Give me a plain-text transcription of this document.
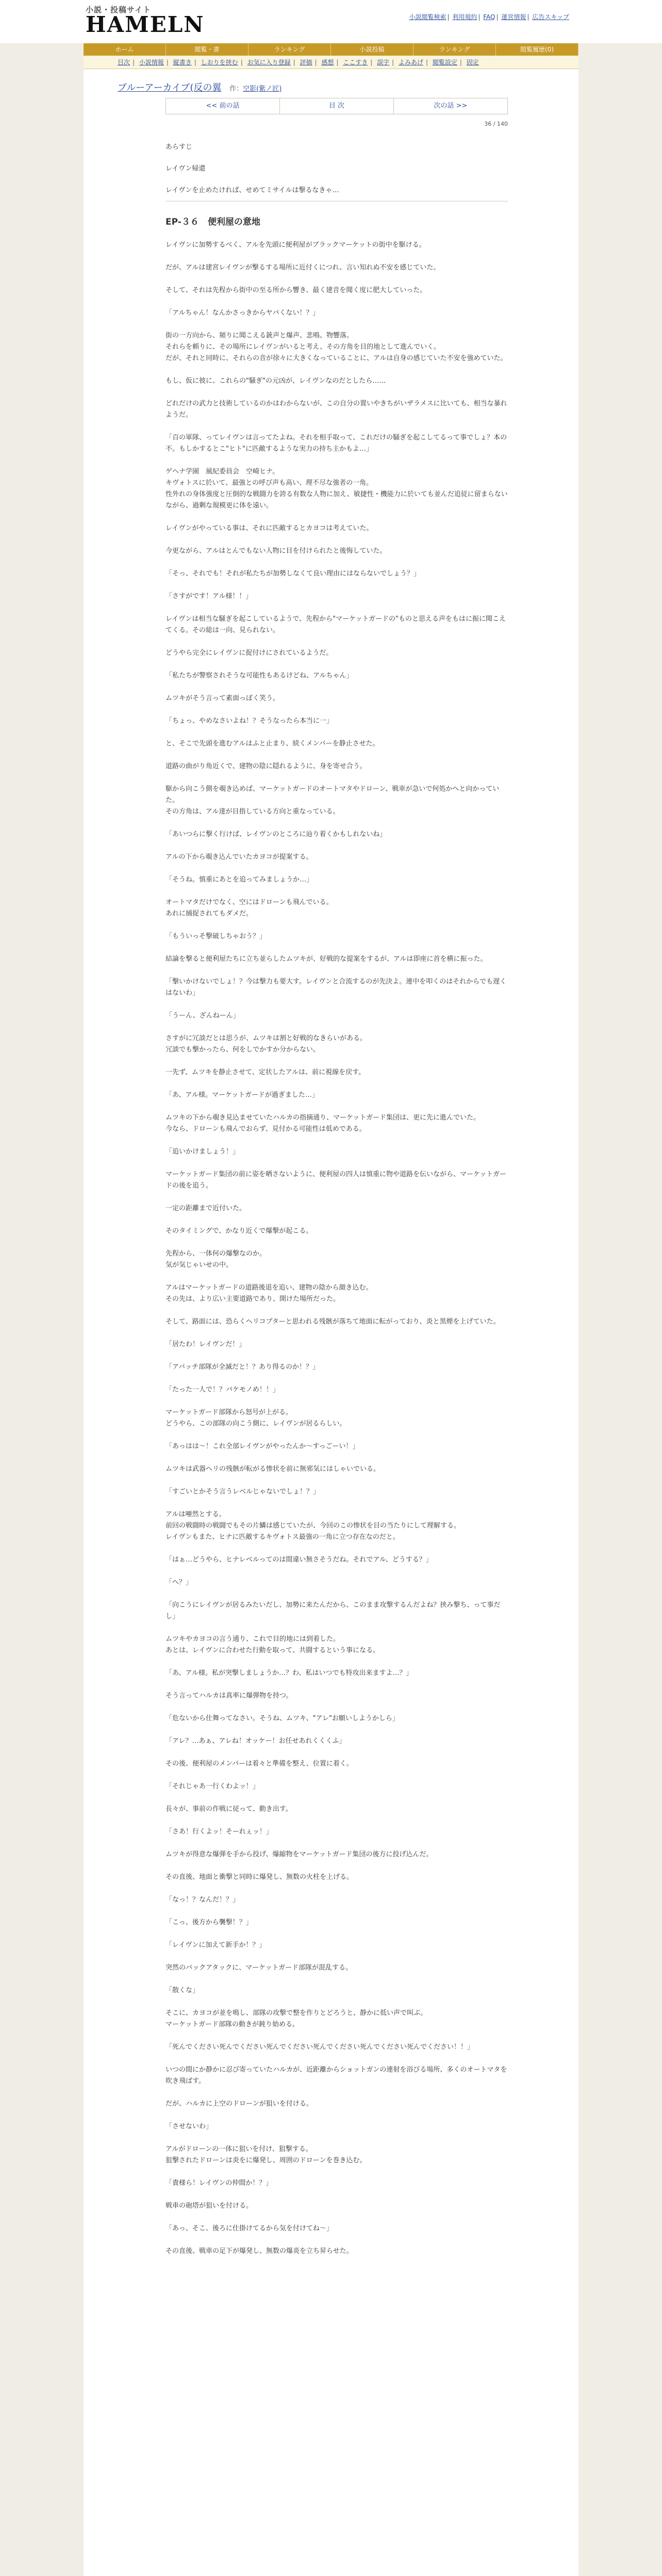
小説・投稿サイト
HAMELN	小説閲覧検索 | 利用規約 | FAQ | 運営情報 | 広告スキップ
ホーム	閲覧・書	ランキング	小説投稿	ランキング	閲覧履歴(0)
目次 | 小説情報 | 縦書き | しおりを挟む | お気に入り登録 | 評価 | 感想 | ここすき | 誤字 | よみあげ | 閲覧設定 | 固定
ブルーアーカイブ(反の翼 作：空影(紫ノ匠)
<< 前の話	目 次	次の話 >>
36 / 140

あらすじ

レイヴン帰還

レイヴンを止めたければ、せめてミサイルは撃るなきゃ…

EP-３６　便利屋の意地

レイヴンに加勢するべく、アルを先頭に便利屋がブラックマーケットの街中を駆ける。

だが、アルは建宮レイヴンが撃るする場所に近付くにつれ、言い知れぬ不安を感じていた。

そして、それは先程から街中の至る所から響き、最く建音を聞く度に肥大していった。

「アルちゃん！なんかさっきからヤバくない！？」

街の一方向から、頻りに聞こえる銃声と爆声、悲鳴、物響落。
それらを頼りに、その場所にレイヴンがいると考え、その方角を目的地として進んでいく。
だが、それと同時に、それらの音が徐々に大きくなっていることに、アルは自身の感じていた不安を強めていた。

もし、仮に彼に、これらの"騒ぎ"の元凶が、レイヴンなのだとしたら……

どれだけの武力と技術しているのかはわからないが、この自分の置いやきちがいザラメスに比いても、相当な暴れようだ。

「百の軍隊、ってレイヴンは言ってたよね。それを相手取って、これだけの騒ぎを起こしてるって事でしょ？本の不。もしかするとこ"ヒト"に匹敵するような実力の持ち主かもよ…」

ゲヘナ学園　風紀委員会　空崎ヒナ。
キヴォトスに於いて、最強との呼び声も高い、理不尽な強者の一角。
性外れの身体強度と圧倒的な戦闘力を誇る有数な人物に加え、敏捷性・機能力に於いても並んだ追従に留まらないながら、過剰な規模更に体を遠い。

レイヴンがやっている事は、それに匹敵するとカヨコは考えていた。

今更ながら、アルはとんでもない人物に目を付けられたと後悔していた。

「そっ、それでも！それが私たちが加勢しなくて良い理由にはならないでしょう？」

「さすがです！アル様！！」

レイヴンは相当な騒ぎを起こしているようで、先程から"マーケットガードの"ものと思える声をもはに振に聞こえてくる。その総は一向、見られない。

どうやら完全にレイヴンに捉付けにされているようだ。

「私たちが警察されそうな可能性もあるけどね、アルちゃん」

ムツキがそう言って素面っぽく笑う。

「ちょっ、やめなさいよね！？そうなったら本当に一」

と、そこで先頭を進むアルはふと止まり、続くメンバーを静止させた。

道路の曲がり角近くで、建物の陰に隠れるように、身を寄せ合う。

駆から向こう側を覗き込めば、マーケットガードのオートマタやドローン、戦車が急いで何処かへと向かっていた。
その方角は、アル達が目指している方向と重なっている。

「あいつらに撃く行けば、レイヴンのところに辿り着くかもしれないね」

アルの下から覗き込んでいたカヨコが提案する。

「そうね。慎重にあとを追ってみましょうか…」

オートマタだけでなく、空にはドローンも飛んでいる。
あれに捕捉されてもダメだ。

「もういっそ撃破しちゃおう？」

結論を撃ると便利屋たちに立ち並らしたムツキが、好戦的な提案をするが、アルは即座に首を横に振った。

「撃いかけないでしょ！？今は撃力も要大す。レイヴンと合流するのが先決よ。連中を叩くのはそれからでも遅くはないわ」

「うーん、ざんねーん」

さすがに冗談だとは思うが、ムツキは割と好戦的なきらいがある。
冗談でも撃かったら、何をしでかすか分からない。

一先ず、ムツキを静止させて、定状したアルは、前に視線を戻す。

「あ、アル様。マーケットガードが過ぎました…」

ムツキの下から覗き見込ませていたハルカの指摘通り、マーケットガード集団は、更に先に進んでいた。
今なら、ドローンも飛んでおらず、見付かる可能性は低めである。

「追いかけましょう！」

マーケットガード集団の前に姿を晒さないように、便利屋の四人は慎重に物や道路を伝いながら、マーケットガードの後を追う。

一定の距離まで近付いた。

そのタイミングで、かなり近くで爆撃が起こる。

先程から、一体何の爆撃なのか。
気が気じゃいせの中。

アルはマーケットガードの道路後退を追い、建物の陰から顔き込む。
その先は、より広い主要道路であり、開けた場所だった。

そして、路面には、恐らくヘリコプターと思われる残骸が落ちて地面に転がっており、炎と黒煙を上げていた。

「居たわ！レイヴンだ！」

「アパッチ部隊が全滅だと！？あり得るのか！？」

「たった一人で！？バケモノめ！！」

マーケットガード部隊から怒号が上がる。
どうやら、この部隊の向こう側に、レイヴンが居るらしい。

「あっはは〜！これ全部レイヴンがやったんか〜すっごーい！」

ムツキは武器ヘリの残骸が転がる惨状を前に無邪気にはしゃいでいる。

「すごいとかそう言うレベルじゃないでしょ！？」

アルは唖然とする。
前回の戦闘時の戦闘でもその片鱗は感じていたが、今回のこの惨状を目の当たりにして理解する。
レイヴンもまた、ヒナに匹敵するキヴォトス最強の一角に立つ存在なのだと。

「はぁ…どうやら、ヒナレベルってのは間違い無さそうだね。それでアル、どうする？」

「へ？」

「向こうにレイヴンが居るみたいだし、加勢に来たんだから、このまま攻撃するんだよね？挟み撃ち、って事だし」

ムツキやカヨコの言う通り、これで目的地には到着した。
あとは、レイヴンに合わせた行動を取って、共闘するという事になる。

「あ、アル様。私が突撃しましょうか…？わ、私はいつでも特攻出来ますよ…？」

そう言ってハルカは真率に爆弾物を持つ。

「危ないから仕舞ってなさい。そうね、ムツキ、"アレ"お願いしようかしら」

「アレ？…あぁ、アレね！オッケー！お任せあれくくくふ」

その後、便利屋のメンバーは着々と準備を整え、位置に着く。

「それじゃあ一行くわよッ！」

長々が、事前の作戦に従って、動き出す。

「さあ！行くよッ！そーれぇッ！」

ムツキが得意な爆弾を手から投げ、爆縮物をマーケットガード集団の後方に投げ込んだ。

その直後、地面と衝撃と同時に爆発し、無数の火柱を上げる。

「なっ！？なんだ！？」

「こっ、後方から襲撃！？」

「レイヴンに加えて新手か！？」

突然のバックアタックに、マーケットガード部隊が混乱する。

「散くな」

そこに、カヨコが並を鳴し、部隊の攻撃で整を作りとどろうと、静かに低い声で叫ぶ。
マーケットガード部隊の動きが鈍り始める。

「死んでください死んでください死んでください死んでください死んでください死んでください！！」

いつの間にか静かに忍び寄っていたハルカが、近距離からショットガンの連射を浴びる場所、多くのオートマタを吹き飛ばす。

だが、ハルカに上空のドローンが狙いを付ける。

「させないわ」

アルがドローンの一体に狙いを付け、狙撃する。
狙撃されたドローンは炎をに爆発し、周囲のドローンを巻き込む。

「貴様ら！レイヴンの仲間か！？」

戦車の砲塔が狙いを付ける。

「あっ、そこ、後ろに仕掛けてるから気を付けてね〜」

その直後、戦車の足下が爆発し、無数の爆炎を立ち昇らせた。
